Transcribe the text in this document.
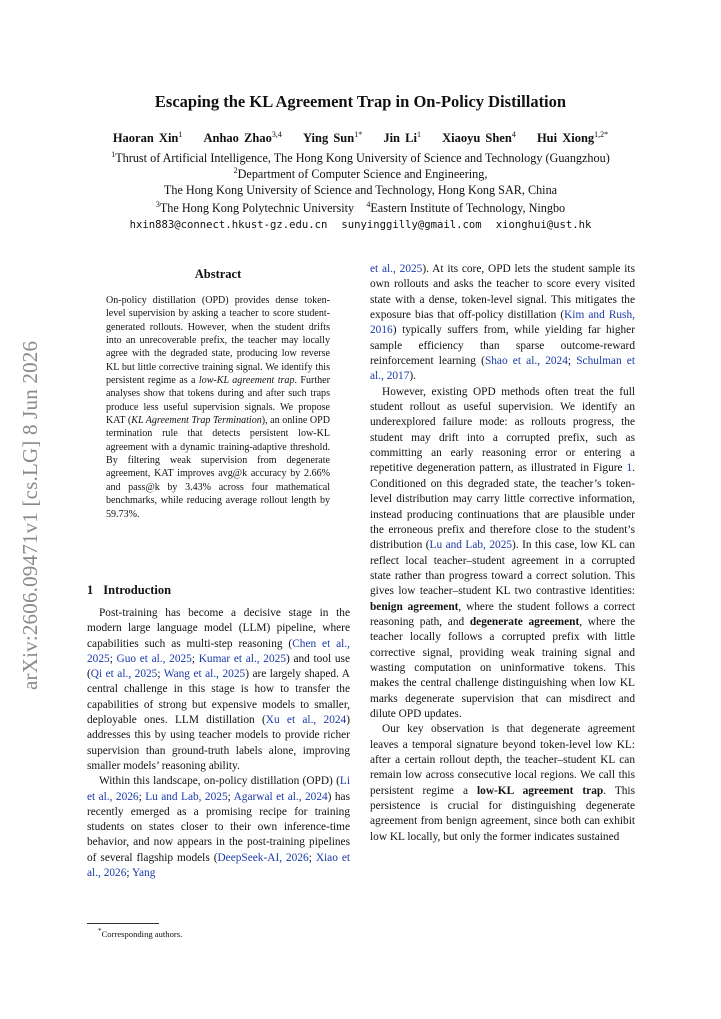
arXiv:2606.09471v1 [cs.LG] 8 Jun 2026
Escaping the KL Agreement Trap in On-Policy Distillation
Haoran Xin$^1$ Anhao Zhao$^{3,4}$ Ying Sun$^{1*}$ Jin Li$^1$ Xiaoyu Shen$^4$ Hui Xiong$^{1,2*}$
$^1$Thrust of Artificial Intelligence, The Hong Kong University of Science and Technology (Guangzhou)
$^2$Department of Computer Science and Engineering,
The Hong Kong University of Science and Technology, Hong Kong SAR, China
$^3$The Hong Kong Polytechnic University $^4$Eastern Institute of Technology, Ningbo
hxin883@connect.hkust-gz.edu.cn sunyinggilly@gmail.com xionghui@ust.hk
Abstract
On-policy distillation (OPD) provides dense token-level supervision by asking a teacher to score student-generated rollouts. However, when the student drifts into an unrecoverable prefix, the teacher may locally agree with the degraded state, producing low reverse KL but little corrective training signal. We identify this persistent regime as a low-KL agreement trap. Further analyses show that tokens during and after such traps produce less useful supervision signals. We propose KAT (KL Agreement Trap Termination), an online OPD termination rule that detects persistent low-KL agreement with a dynamic training-adaptive threshold. By filtering weak supervision from degenerate agreement, KAT improves avg@k accuracy by 2.66% and pass@k by 3.43% across four mathematical benchmarks, while reducing average rollout length by 59.73%.
1 Introduction

Post-training has become a decisive stage in the modern large language model (LLM) pipeline, where capabilities such as multi-step reasoning (Chen et al., 2025; Guo et al., 2025; Kumar et al., 2025) and tool use (Qi et al., 2025; Wang et al., 2025) are largely shaped. A central challenge in this stage is how to transfer the capabilities of strong but expensive models to smaller, deployable ones. LLM distillation (Xu et al., 2024) addresses this by using teacher models to provide richer supervision than ground-truth labels alone, improving smaller models’ reasoning ability.

Within this landscape, on-policy distillation (OPD) (Li et al., 2026; Lu and Lab, 2025; Agarwal et al., 2024) has recently emerged as a promising recipe for training students on states closer to their own inference-time behavior, and now appears in the post-training pipelines of several flagship models (DeepSeek-AI, 2026; Xiao et al., 2026; Yang

et al., 2025). At its core, OPD lets the student sample its own rollouts and asks the teacher to score every visited state with a dense, token-level signal. This mitigates the exposure bias that off-policy distillation (Kim and Rush, 2016) typically suffers from, while yielding far higher sample efficiency than sparse outcome-reward reinforcement learning (Shao et al., 2024; Schulman et al., 2017).

However, existing OPD methods often treat the full student rollout as useful supervision. We identify an underexplored failure mode: as rollouts progress, the student may drift into a corrupted prefix, such as committing an early reasoning error or entering a repetitive degeneration pattern, as illustrated in Figure 1. Conditioned on this degraded state, the teacher’s token-level distribution may carry little corrective information, instead producing continuations that are plausible under the erroneous prefix and therefore close to the student’s distribution (Lu and Lab, 2025). In this case, low KL can reflect local teacher–student agreement in a corrupted state rather than progress toward a correct solution. This gives low teacher–student KL two contrastive identities: benign agreement, where the student follows a correct reasoning path, and degenerate agreement, where the teacher locally follows a corrupted prefix with little corrective signal, providing weak training signal and wasting computation on uninformative tokens. This makes the central challenge distinguishing when low KL marks degenerate supervision that can misdirect and dilute OPD updates.

Our key observation is that degenerate agreement leaves a temporal signature beyond token-level low KL: after a certain rollout depth, the teacher–student KL can remain low across consecutive local regions. We call this persistent regime a low-KL agreement trap. This persistence is crucial for distinguishing degenerate agreement from benign agreement, since both can exhibit low KL locally, but only the former indicates sustained

*Corresponding authors.
